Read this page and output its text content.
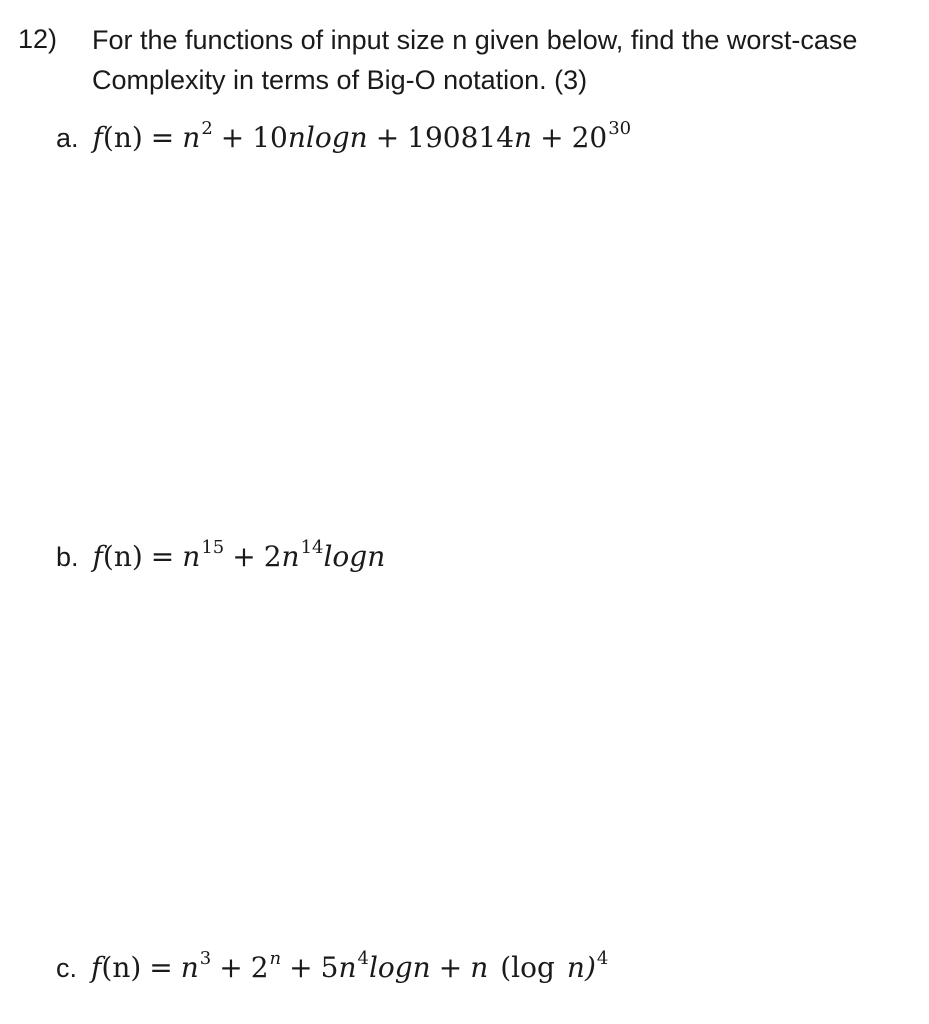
12) For the functions of input size n given below, find the worst-case
Complexity in terms of Big-O notation. (3)
a. $f(n) = n^2 + 10nlogn + 190814n + 20^{30}$
b. $f(n) = n^{15} + 2n^{14}\log n$
c. $f(n) = n^3 + 2^n + 5n^4\log n + n$ (log n)$^4$
